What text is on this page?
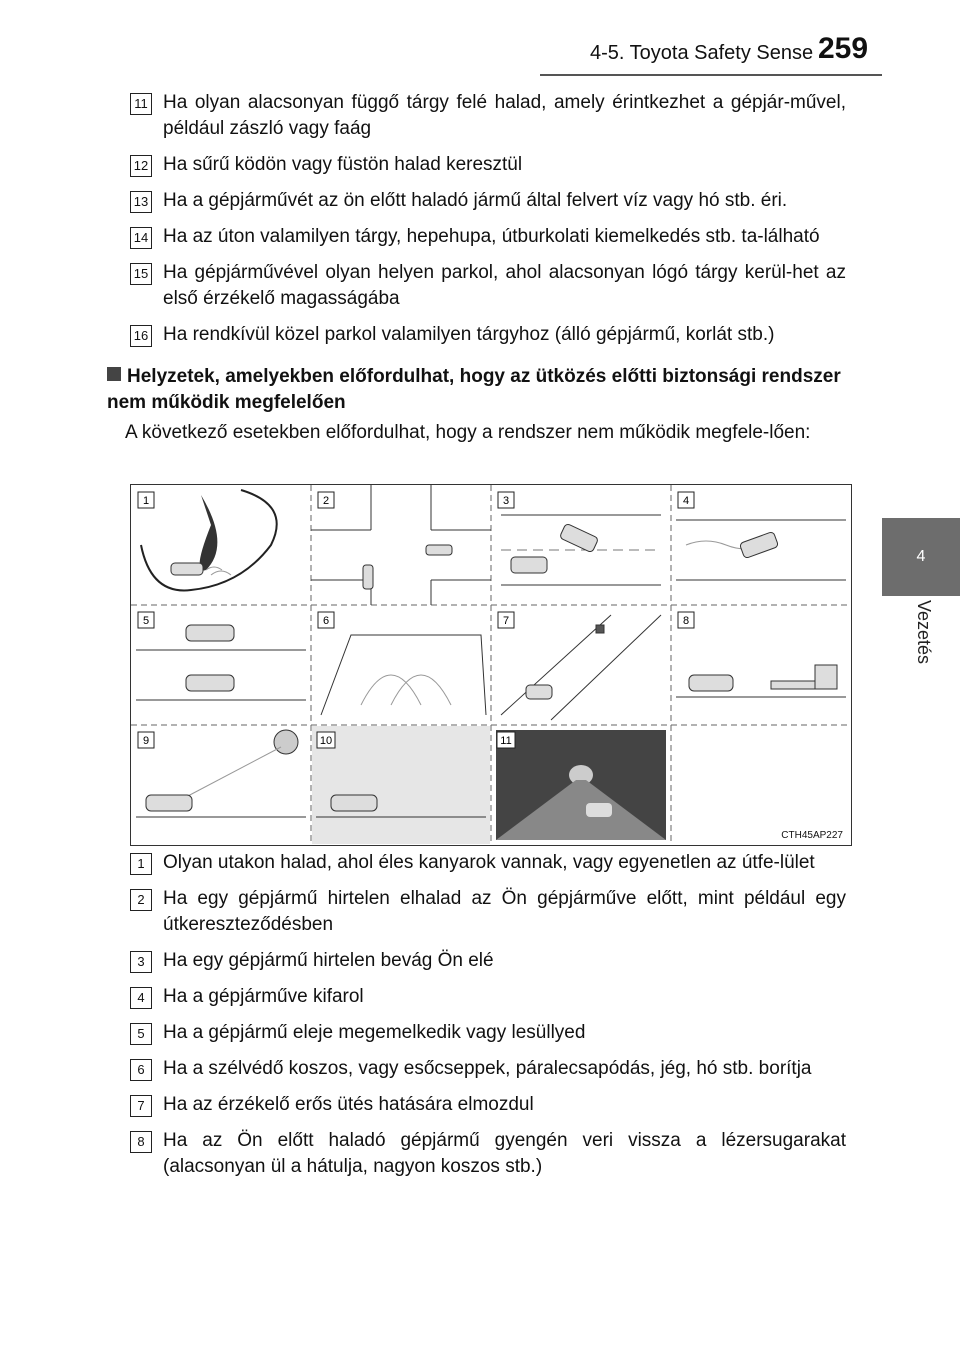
4-5. Toyota Safety Sense 259
4
Vezetés
11 Ha olyan alacsonyan függő tárgy felé halad, amely érintkezhet a gépjár-művel, például zászló vagy faág
12 Ha sűrű ködön vagy füstön halad keresztül
13 Ha a gépjárművét az ön előtt haladó jármű által felvert víz vagy hó stb. éri.
14 Ha az úton valamilyen tárgy, hepehupa, útburkolati kiemelkedés stb. ta-lálható
15 Ha gépjárművével olyan helyen parkol, ahol alacsonyan lógó tárgy kerül-het az első érzékelő magasságába
16 Ha rendkívül közel parkol valamilyen tárgyhoz (álló gépjármű, korlát stb.)
Helyzetek, amelyekben előfordulhat, hogy az ütközés előtti biztonsági rendszer nem működik megfelelően
A következő esetekben előfordulhat, hogy a rendszer nem működik megfele-lően:
1	2	3	4
5	6	7	8
9	10	11
CTH45AP227
1 Olyan utakon halad, ahol éles kanyarok vannak, vagy egyenetlen az útfe-lület
2 Ha egy gépjármű hirtelen elhalad az Ön gépjárműve előtt, mint például egy útkereszteződésben
3 Ha egy gépjármű hirtelen bevág Ön elé
4 Ha a gépjárműve kifarol
5 Ha a gépjármű eleje megemelkedik vagy lesüllyed
6 Ha a szélvédő koszos, vagy esőcseppek, páralecsapódás, jég, hó stb. borítja
7 Ha az érzékelő erős ütés hatására elmozdul
8 Ha az Ön előtt haladó gépjármű gyengén veri vissza a lézersugarakat (alacsonyan ül a hátulja, nagyon koszos stb.)
